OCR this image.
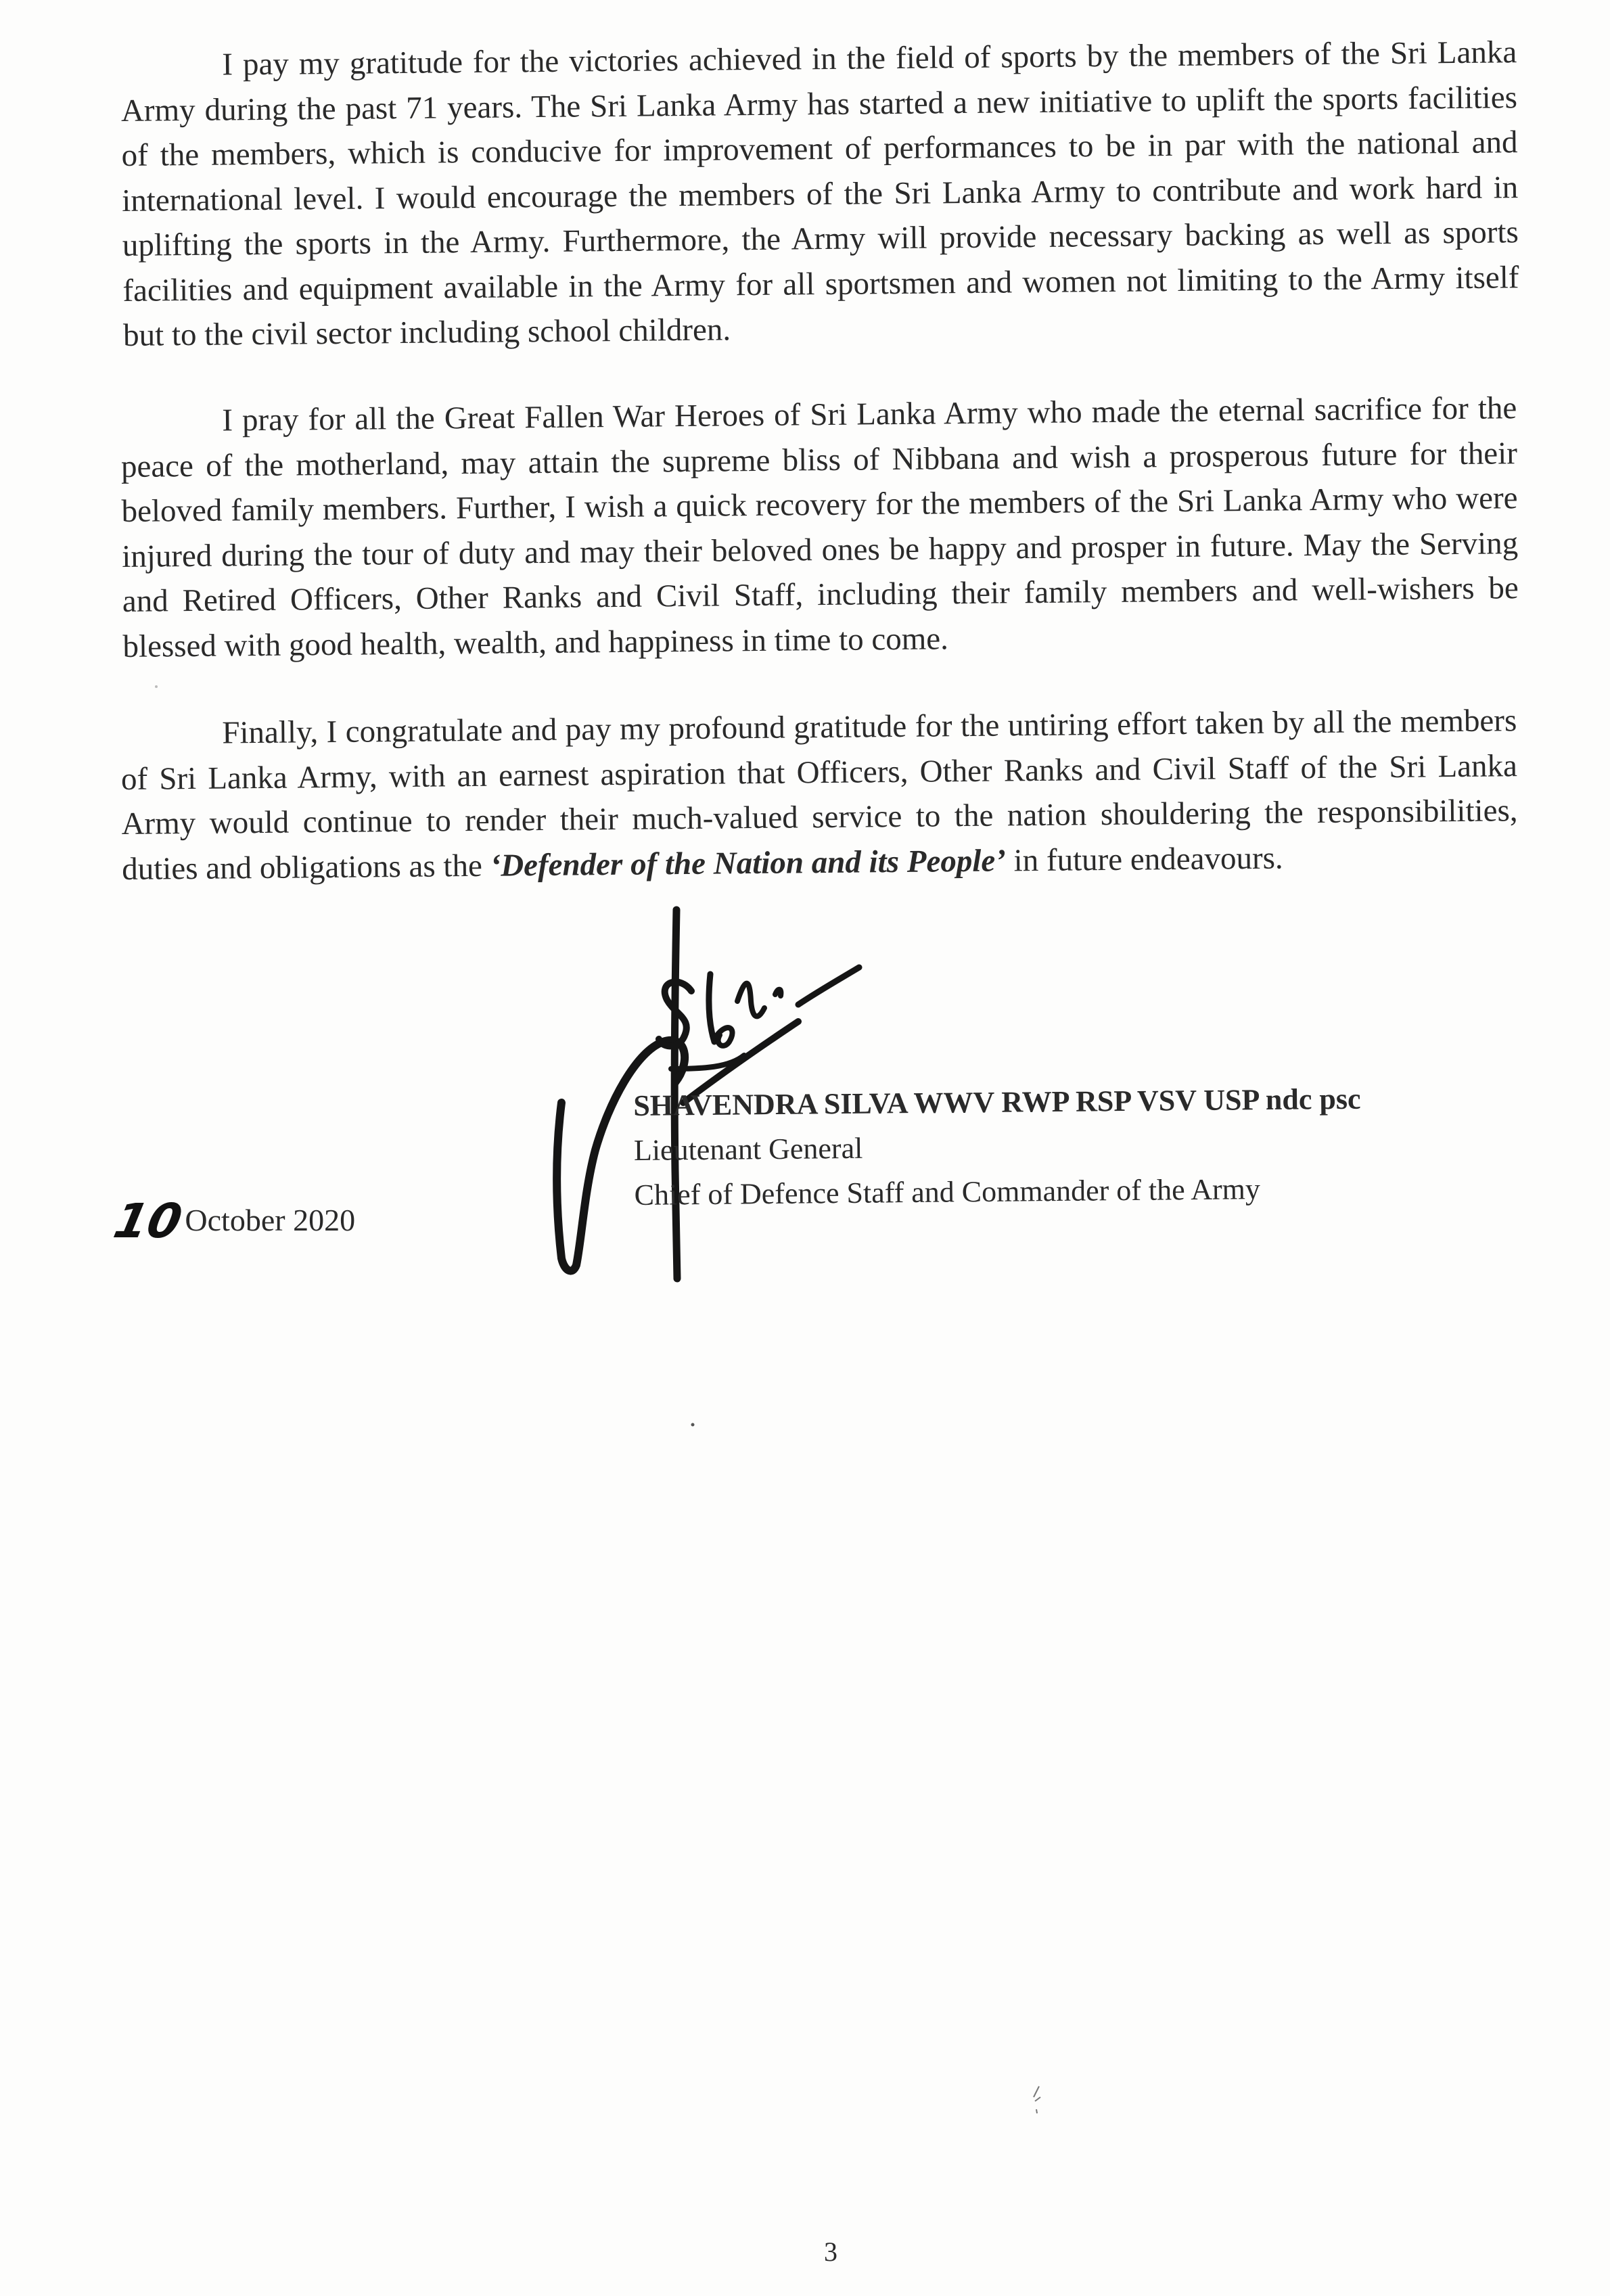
I pay my gratitude for the victories achieved in the field of sports by the members of the Sri Lanka Army during the past 71 years. The Sri Lanka Army has started a new initiative to uplift the sports facilities of the members, which is conducive for improvement of performances to be in par with the national and international level. I would encourage the members of the Sri Lanka Army to contribute and work hard in uplifting the sports in the Army. Furthermore, the Army will provide necessary backing as well as sports facilities and equipment available in the Army for all sportsmen and women not limiting to the Army itself but to the civil sector including school children.

I pray for all the Great Fallen War Heroes of Sri Lanka Army who made the eternal sacrifice for the peace of the motherland, may attain the supreme bliss of Nibbana and wish a prosperous future for their beloved family members. Further, I wish a quick recovery for the members of the Sri Lanka Army who were injured during the tour of duty and may their beloved ones be happy and prosper in future. May the Serving and Retired Officers, Other Ranks and Civil Staff, including their family members and well-wishers be blessed with good health, wealth, and happiness in time to come.

Finally, I congratulate and pay my profound gratitude for the untiring effort taken by all the members of Sri Lanka Army, with an earnest aspiration that Officers, Other Ranks and Civil Staff of the Sri Lanka Army would continue to render their much-valued service to the nation shouldering the responsibilities, duties and obligations as the ‘Defender of the Nation and its People’ in future endeavours.

SHAVENDRA SILVA WWV RWP RSP VSV USP ndc psc
Lieutenant General
Chief of Defence Staff and Commander of the Army
10October 2020
3
